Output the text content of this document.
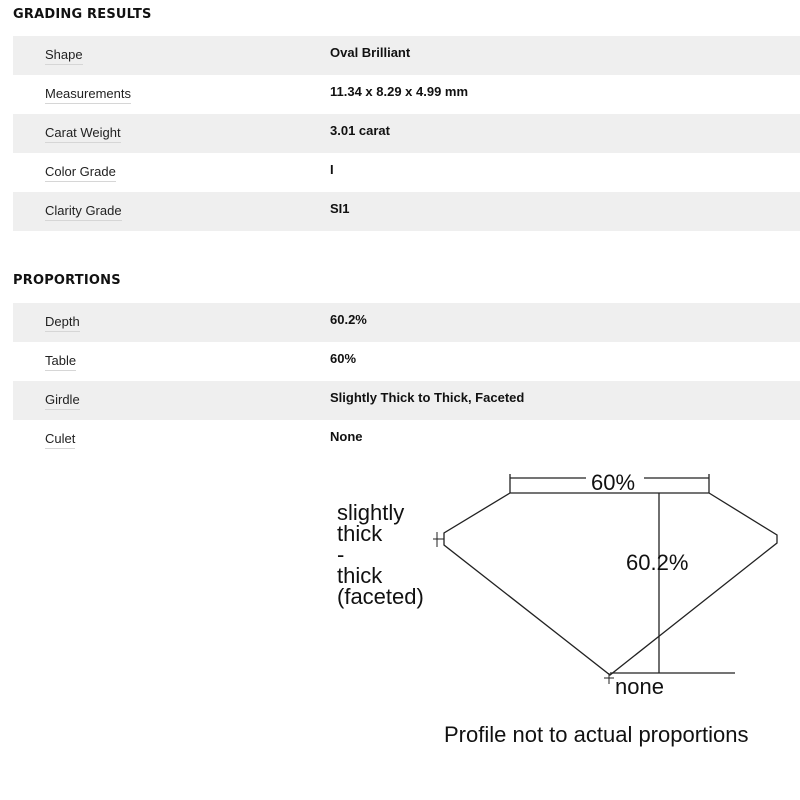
GRADING RESULTS
Shape	Oval Brilliant
Measurements	11.34 x 8.29 x 4.99 mm
Carat Weight	3.01 carat
Color Grade	I
Clarity Grade	SI1
PROPORTIONS
Depth	60.2%
Table	60%
Girdle	Slightly Thick to Thick, Faceted
Culet	None
60%
60.2%
slightly
thick
-
thick
(faceted)
none
Profile not to actual proportions
